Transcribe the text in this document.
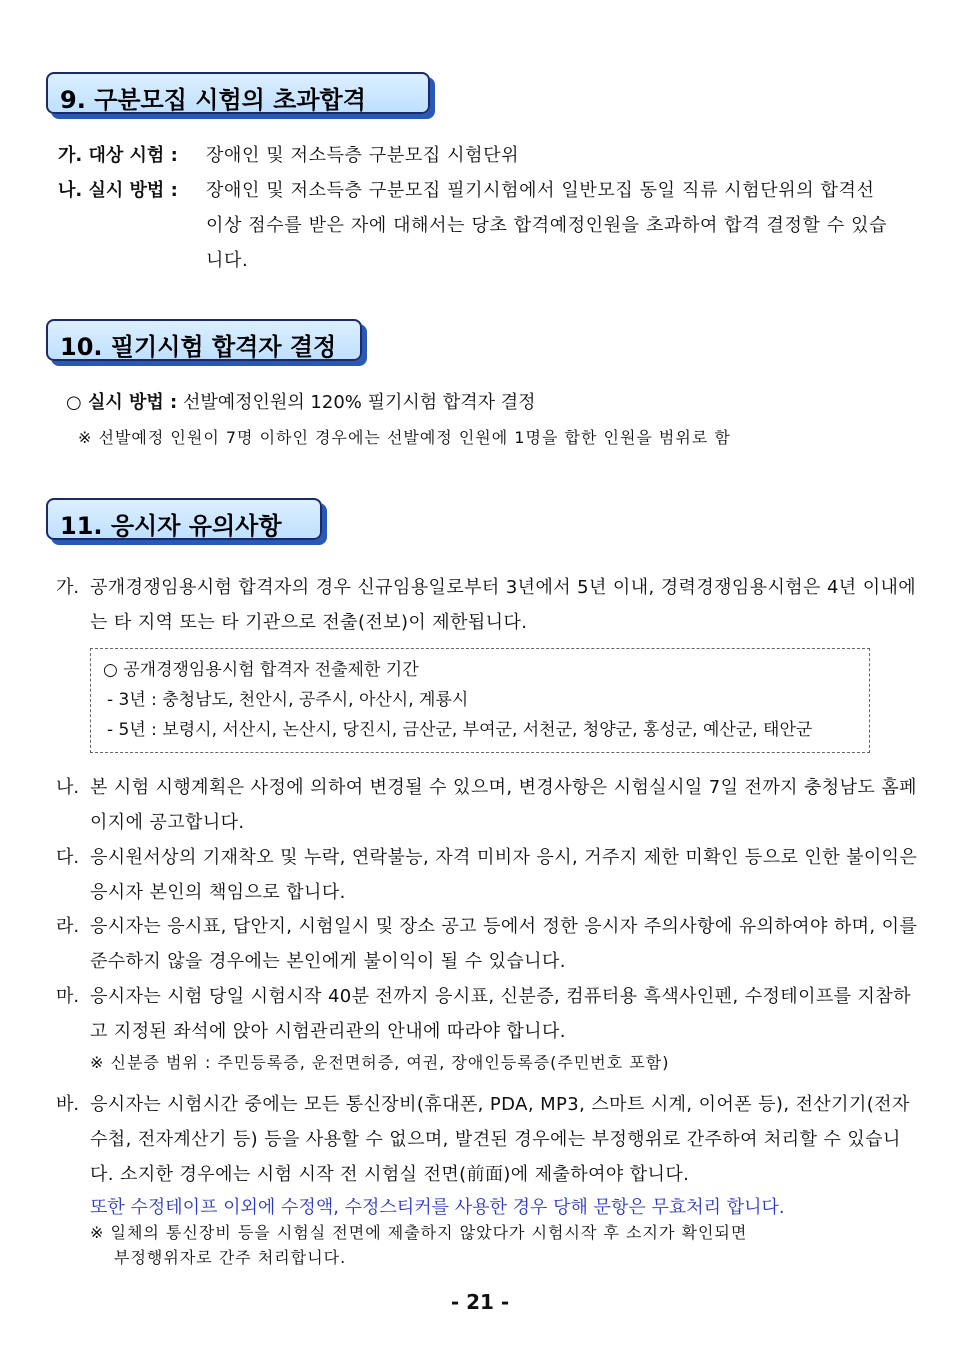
9. 구분모집 시험의 초과합격
가. 대상 시험 :	장애인 및 저소득층 구분모집 시험단위
나. 실시 방법 :	장애인 및 저소득층 구분모집 필기시험에서 일반모집 동일 직류 시험단위의 합격선 이상 점수를 받은 자에 대해서는 당초 합격예정인원을 초과하여 합격 결정할 수 있습니다.
10. 필기시험 합격자 결정
○ 실시 방법 : 선발예정인원의 120% 필기시험 합격자 결정
※ 선발예정 인원이 7명 이하인 경우에는 선발예정 인원에 1명을 합한 인원을 범위로 함
11. 응시자 유의사항
가. 공개경쟁임용시험 합격자의 경우 신규임용일로부터 3년에서 5년 이내, 경력경쟁임용시험은 4년 이내에는 타 지역 또는 타 기관으로 전출(전보)이 제한됩니다.
○ 공개경쟁임용시험 합격자 전출제한 기간
- 3년 : 충청남도, 천안시, 공주시, 아산시, 계룡시
- 5년 : 보령시, 서산시, 논산시, 당진시, 금산군, 부여군, 서천군, 청양군, 홍성군, 예산군, 태안군
나. 본 시험 시행계획은 사정에 의하여 변경될 수 있으며, 변경사항은 시험실시일 7일 전까지 충청남도 홈페이지에 공고합니다.
다. 응시원서상의 기재착오 및 누락, 연락불능, 자격 미비자 응시, 거주지 제한 미확인 등으로 인한 불이익은 응시자 본인의 책임으로 합니다.
라. 응시자는 응시표, 답안지, 시험일시 및 장소 공고 등에서 정한 응시자 주의사항에 유의하여야 하며, 이를 준수하지 않을 경우에는 본인에게 불이익이 될 수 있습니다.
마. 응시자는 시험 당일 시험시작 40분 전까지 응시표, 신분증, 컴퓨터용 흑색사인펜, 수정테이프를 지참하고 지정된 좌석에 앉아 시험관리관의 안내에 따라야 합니다.
※ 신분증 범위 : 주민등록증, 운전면허증, 여권, 장애인등록증(주민번호 포함)
바. 응시자는 시험시간 중에는 모든 통신장비(휴대폰, PDA, MP3, 스마트 시계, 이어폰 등), 전산기기(전자수첩, 전자계산기 등) 등을 사용할 수 없으며, 발견된 경우에는 부정행위로 간주하여 처리할 수 있습니다. 소지한 경우에는 시험 시작 전 시험실 전면(前面)에 제출하여야 합니다.
또한 수정테이프 이외에 수정액, 수정스티커를 사용한 경우 당해 문항은 무효처리 합니다.
※ 일체의 통신장비 등을 시험실 전면에 제출하지 않았다가 시험시작 후 소지가 확인되면
부정행위자로 간주 처리합니다.
- 21 -
